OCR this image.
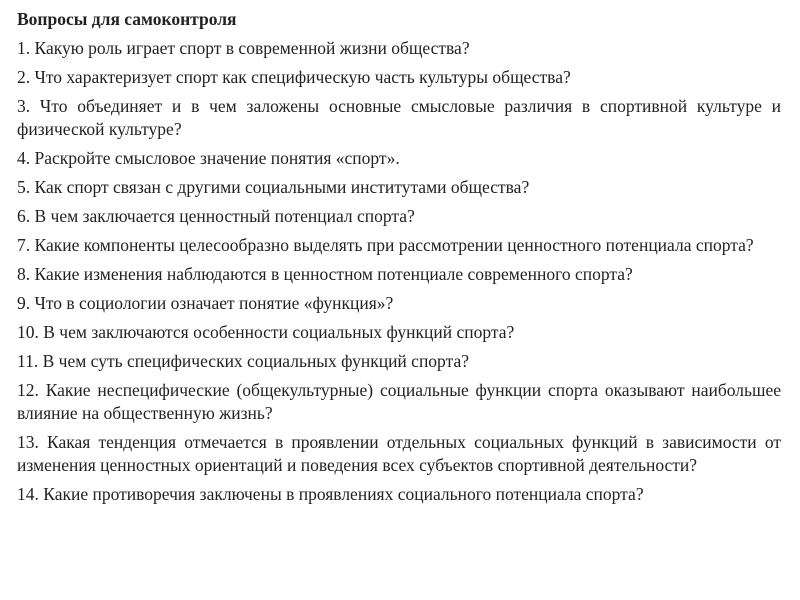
Вопросы для самоконтроля
1. Какую роль играет спорт в современной жизни общества?
2. Что характеризует спорт как специфическую часть культуры общества?
3. Что объединяет и в чем заложены основные смысловые различия в спортивной культуре и физической культуре?
4. Раскройте смысловое значение понятия «спорт».
5. Как спорт связан с другими социальными институтами общества?
6. В чем заключается ценностный потенциал спорта?
7. Какие компоненты целесообразно выделять при рассмотрении ценностного потенциала спорта?
8. Какие изменения наблюдаются в ценностном потенциале современного спорта?
9. Что в социологии означает понятие «функция»?
10. В чем заключаются особенности социальных функций спорта?
11. В чем суть специфических социальных функций спорта?
12. Какие неспецифические (общекультурные) социальные функции спорта оказывают наибольшее влияние на общественную жизнь?
13. Какая тенденция отмечается в проявлении отдельных социальных функций в зависимости от изменения ценностных ориентаций и поведения всех субъектов спортивной деятельности?
14. Какие противоречия заключены в проявлениях социального потенциала спорта?
